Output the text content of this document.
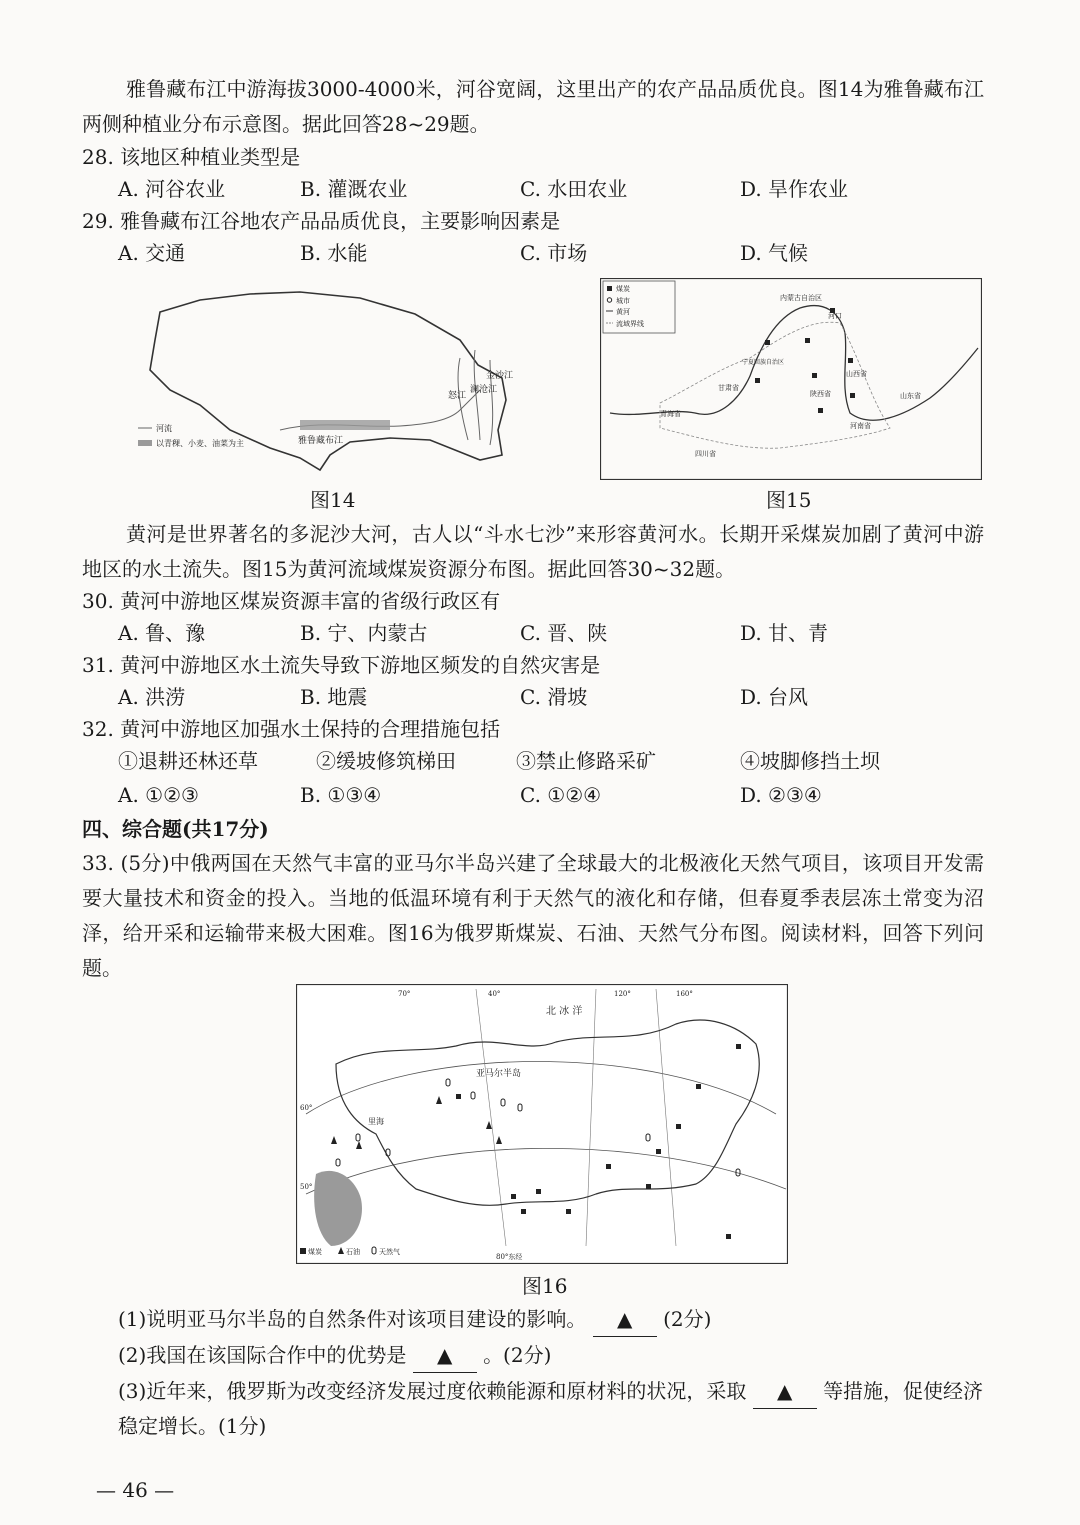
雅鲁藏布江中游海拔3000-4000米，河谷宽阔，这里出产的农产品品质优良。图14为雅鲁藏布江两侧种植业分布示意图。据此回答28~29题。
28. 该地区种植业类型是
A. 河谷农业	B. 灌溉农业	C. 水田农业	D. 旱作农业
29. 雅鲁藏布江谷地农产品品质优良，主要影响因素是
A. 交通	B. 水能	C. 市场	D. 气候
雅鲁藏布江
怒江
澜沧江
金沙江
河流
以青稞、小麦、油菜为主
图14
煤炭
城市
黄河
流域界线
内蒙古自治区
河口
山西省
陕西省
甘肃省
青海省
宁夏回族自治区
河南省
山东省
四川省
图15
黄河是世界著名的多泥沙大河，古人以“斗水七沙”来形容黄河水。长期开采煤炭加剧了黄河中游地区的水土流失。图15为黄河流域煤炭资源分布图。据此回答30~32题。
30. 黄河中游地区煤炭资源丰富的省级行政区有
A. 鲁、豫	B. 宁、内蒙古	C. 晋、陕	D. 甘、青
31. 黄河中游地区水土流失导致下游地区频发的自然灾害是
A. 洪涝	B. 地震	C. 滑坡	D. 台风
32. 黄河中游地区加强水土保持的合理措施包括
①退耕还林还草	②缓坡修筑梯田	③禁止修路采矿	④坡脚修挡土坝
A. ①②③	B. ①③④	C. ①②④	D. ②③④
四、综合题(共17分)
33. (5分)中俄两国在天然气丰富的亚马尔半岛兴建了全球最大的北极液化天然气项目，该项目开发需要大量技术和资金的投入。当地的低温环境有利于天然气的液化和存储，但春夏季表层冻土常变为沼泽，给开采和运输带来极大困难。图16为俄罗斯煤炭、石油、天然气分布图。阅读材料，回答下列问题。
亚马尔半岛
北 冰 洋
里海
70°	40°	120°	160°
60°
50°
80°东经
煤炭	石油	天然气
图16
(1)说明亚马尔半岛的自然条件对该项目建设的影响。 ▲ (2分)
(2)我国在该国际合作中的优势是 ▲ 。(2分)
(3)近年来，俄罗斯为改变经济发展过度依赖能源和原材料的状况，采取 ▲ 等措施，促使经济稳定增长。(1分)
— 46 —
